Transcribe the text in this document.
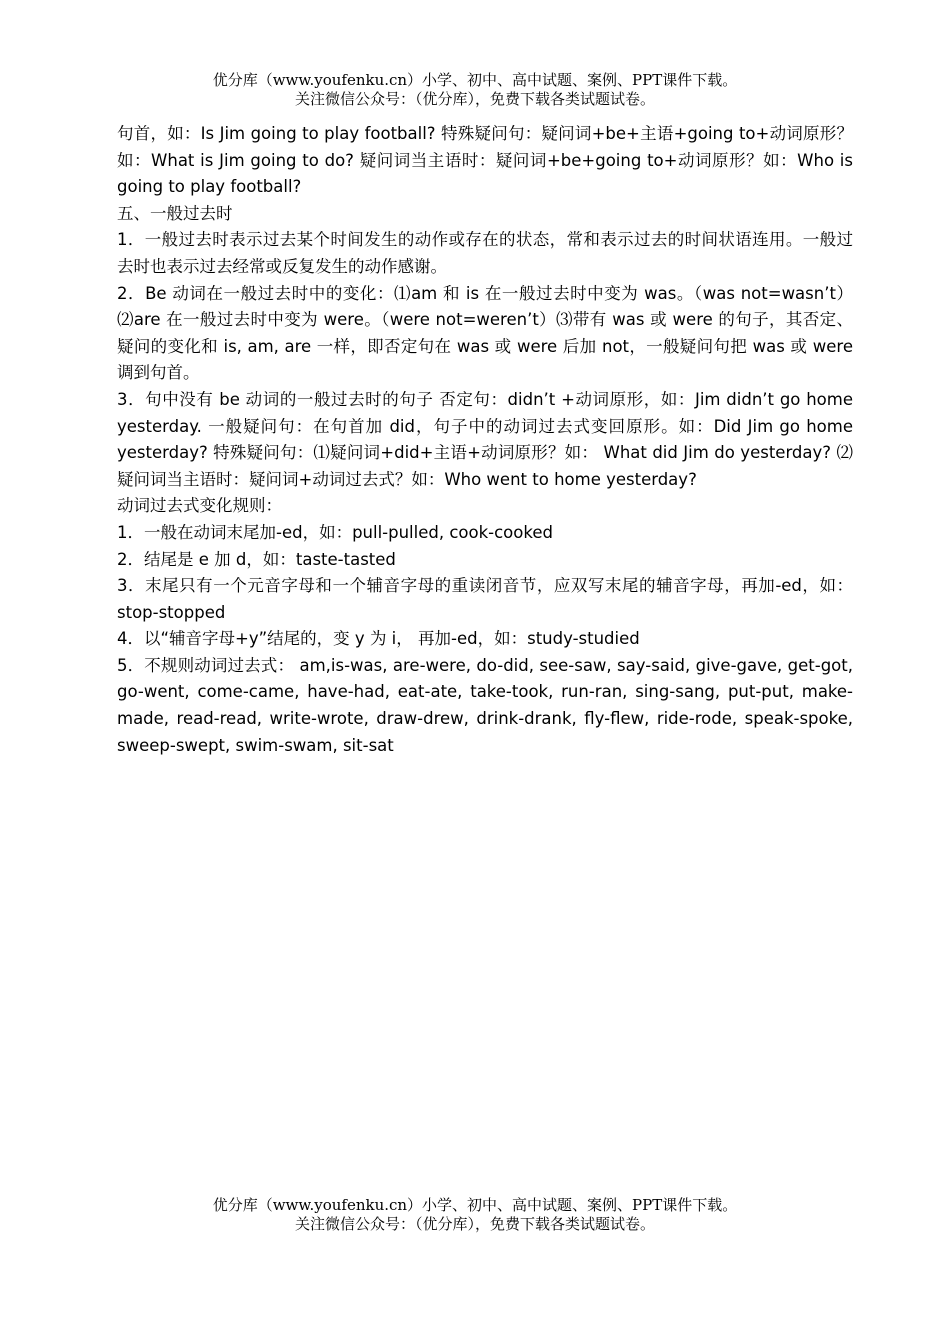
优分库（www.youfenku.cn）小学、初中、高中试题、案例、PPT课件下载。
关注微信公众号：（优分库），免费下载各类试题试卷。

句首，如：Is Jim going to play football? 特殊疑问句：疑问词+be+主语+going to+动词原形？如：What is Jim going to do? 疑问词当主语时：疑问词+be+going to+动词原形？如：Who is going to play football?

五、一般过去时

1．一般过去时表示过去某个时间发生的动作或存在的状态，常和表示过去的时间状语连用。一般过去时也表示过去经常或反复发生的动作感谢。

2．Be 动词在一般过去时中的变化：⑴am 和 is 在一般过去时中变为 was。（was not=wasn’t）⑵are 在一般过去时中变为 were。（were not=weren’t）⑶带有 was 或 were 的句子，其否定、疑问的变化和 is, am, are 一样，即否定句在 was 或 were 后加 not，一般疑问句把 was 或 were 调到句首。

3．句中没有 be 动词的一般过去时的句子 否定句：didn’t +动词原形，如：Jim didn’t go home yesterday. 一般疑问句：在句首加 did，句子中的动词过去式变回原形。如：Did Jim go home yesterday? 特殊疑问句：⑴疑问词+did+主语+动词原形？如： What did Jim do yesterday? ⑵疑问词当主语时：疑问词+动词过去式？如：Who went to home yesterday?

动词过去式变化规则：

1．一般在动词末尾加-ed，如：pull-pulled, cook-cooked

2．结尾是 e 加 d，如：taste-tasted

3．末尾只有一个元音字母和一个辅音字母的重读闭音节，应双写末尾的辅音字母，再加-ed，如：stop-stopped

4．以“辅音字母+y”结尾的，变 y 为 i， 再加-ed，如：study-studied

5．不规则动词过去式： am,is-was, are-were, do-did, see-saw, say-said, give-gave, get-got, go-went, come-came, have-had, eat-ate, take-took, run-ran, sing-sang, put-put, make-made, read-read, write-wrote, draw-drew, drink-drank, fly-flew, ride-rode, speak-spoke, sweep-swept, swim-swam, sit-sat

优分库（www.youfenku.cn）小学、初中、高中试题、案例、PPT课件下载。
关注微信公众号：（优分库），免费下载各类试题试卷。
